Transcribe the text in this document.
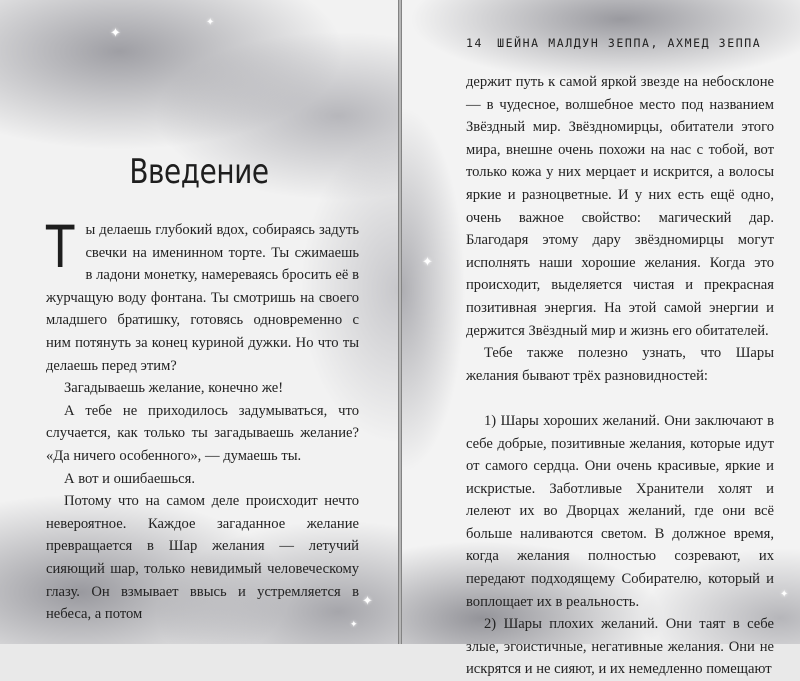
✦
✦
✦
✦
Введение

Ты делаешь глубокий вдох, собираясь задуть свечки на именинном торте. Ты сжимаешь в ладони монетку, намереваясь бросить её в журчащую воду фонтана. Ты смотришь на своего младшего братишку, готовясь одновременно с ним потянуть за конец куриной дужки. Но что ты делаешь перед этим?

Загадываешь желание, конечно же!

А тебе не приходилось задумываться, что случается, как только ты загадываешь желание? «Да ничего особенного», — думаешь ты.

А вот и ошибаешься.

Потому что на самом деле происходит нечто невероятное. Каждое загаданное желание превращается в Шар желания — летучий сияющий шар, только невидимый человеческому глазу. Он взмывает ввысь и устремляется в небеса, а потом

✦
✦
14 ШЕЙНА МАЛДУН ЗЕППА, АХМЕД ЗЕППА

держит путь к самой яркой звезде на небосклоне — в чудесное, волшебное место под названием Звёздный мир. Звёздномирцы, обитатели этого мира, внешне очень похожи на нас с тобой, вот только кожа у них мерцает и искрится, а волосы яркие и разноцветные. И у них есть ещё одно, очень важное свойство: магический дар. Благодаря этому дару звёздномирцы могут исполнять наши хорошие желания. Когда это происходит, выделяется чистая и прекрасная позитивная энергия. На этой самой энергии и держится Звёздный мир и жизнь его обитателей.

Тебе также полезно узнать, что Шары желания бывают трёх разновидностей:

1) Шары хороших желаний. Они заключают в себе добрые, позитивные желания, которые идут от самого сердца. Они очень красивые, яркие и искристые. Заботливые Хранители холят и лелеют их во Дворцах желаний, где они всё больше наливаются светом. В должное время, когда желания полностью созревают, их передают подходящему Собирателю, который и воплощает их в реальность.

2) Шары плохих желаний. Они таят в себе злые, эгоистичные, негативные желания. Они не искрятся и не сияют, и их немедленно помещают
